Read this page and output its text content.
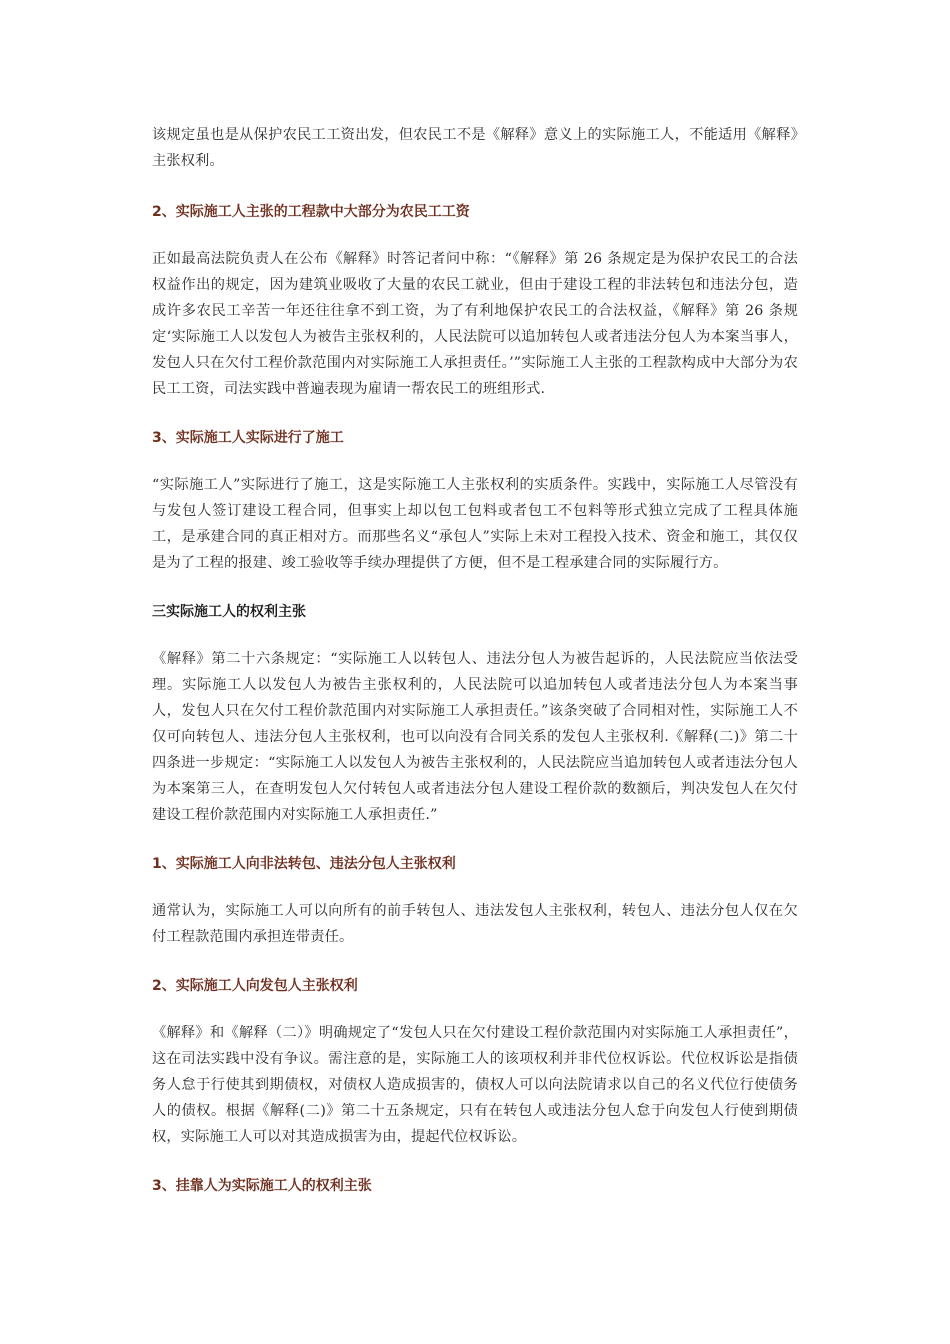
该规定虽也是从保护农民工工资出发，但农民工不是《解释》意义上的实际施工人，不能适用《解释》主张权利。

2、实际施工人主张的工程款中大部分为农民工工资

正如最高法院负责人在公布《解释》时答记者问中称：“《解释》第 26 条规定是为保护农民工的合法权益作出的规定，因为建筑业吸收了大量的农民工就业，但由于建设工程的非法转包和违法分包，造成许多农民工辛苦一年还往往拿不到工资，为了有利地保护农民工的合法权益，《解释》第 26 条规定‘实际施工人以发包人为被告主张权利的，人民法院可以追加转包人或者违法分包人为本案当事人，发包人只在欠付工程价款范围内对实际施工人承担责任。’”实际施工人主张的工程款构成中大部分为农民工工资，司法实践中普遍表现为雇请一帮农民工的班组形式.

3、实际施工人实际进行了施工

“实际施工人”实际进行了施工，这是实际施工人主张权利的实质条件。实践中，实际施工人尽管没有与发包人签订建设工程合同，但事实上却以包工包料或者包工不包料等形式独立完成了工程具体施工，是承建合同的真正相对方。而那些名义“承包人”实际上未对工程投入技术、资金和施工，其仅仅是为了工程的报建、竣工验收等手续办理提供了方便，但不是工程承建合同的实际履行方。

三实际施工人的权利主张

《解释》第二十六条规定：“实际施工人以转包人、违法分包人为被告起诉的，人民法院应当依法受理。实际施工人以发包人为被告主张权利的，人民法院可以追加转包人或者违法分包人为本案当事人，发包人只在欠付工程价款范围内对实际施工人承担责任。”该条突破了合同相对性，实际施工人不仅可向转包人、违法分包人主张权利，也可以向没有合同关系的发包人主张权利.《解释(二)》第二十四条进一步规定：“实际施工人以发包人为被告主张权利的，人民法院应当追加转包人或者违法分包人为本案第三人，在查明发包人欠付转包人或者违法分包人建设工程价款的数额后，判决发包人在欠付建设工程价款范围内对实际施工人承担责任.”

1、实际施工人向非法转包、违法分包人主张权利

通常认为，实际施工人可以向所有的前手转包人、违法发包人主张权利，转包人、违法分包人仅在欠付工程款范围内承担连带责任。

2、实际施工人向发包人主张权利

《解释》和《解释（二）》明确规定了“发包人只在欠付建设工程价款范围内对实际施工人承担责任”，这在司法实践中没有争议。需注意的是，实际施工人的该项权利并非代位权诉讼。代位权诉讼是指债务人怠于行使其到期债权，对债权人造成损害的，债权人可以向法院请求以自己的名义代位行使债务人的债权。根据《解释(二)》第二十五条规定，只有在转包人或违法分包人怠于向发包人行使到期债权，实际施工人可以对其造成损害为由，提起代位权诉讼。

3、挂靠人为实际施工人的权利主张
